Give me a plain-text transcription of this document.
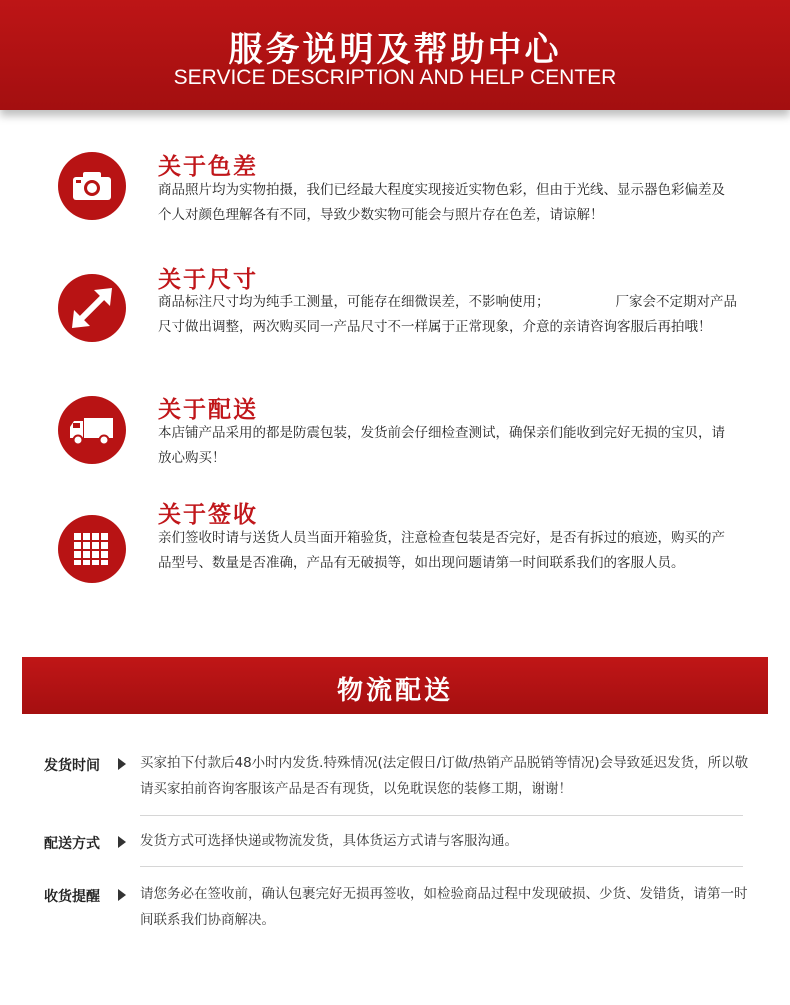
服务说明及帮助中心
SERVICE DESCRIPTION AND HELP CENTER
关于色差
商品照片均为实物拍摄，我们已经最大程度实现接近实物色彩，但由于光线、显示器色彩偏差及个人对颜色理解各有不同，导致少数实物可能会与照片存在色差，请谅解！
关于尺寸
商品标注尺寸均为纯手工测量，可能存在细微误差，不影响使用；	厂家会不定期对产品尺寸做出调整，两次购买同一产品尺寸不一样属于正常现象，介意的亲请咨询客服后再拍哦！
关于配送
本店铺产品采用的都是防震包装，发货前会仔细检查测试，确保亲们能收到完好无损的宝贝，请放心购买！
关于签收
亲们签收时请与送货人员当面开箱验货，注意检查包装是否完好，是否有拆过的痕迹，购买的产品型号、数量是否准确，产品有无破损等，如出现问题请第一时间联系我们的客服人员。
物流配送
发货时间	买家拍下付款后48小时内发货.特殊情况(法定假日/订做/热销产品脱销等情况)会导致延迟发货，所以敬请买家拍前咨询客服该产品是否有现货，以免耽误您的装修工期，谢谢！
配送方式	发货方式可选择快递或物流发货，具体货运方式请与客服沟通。
收货提醒	请您务必在签收前，确认包裹完好无损再签收，如检验商品过程中发现破损、少货、发错货，请第一时间联系我们协商解决。
